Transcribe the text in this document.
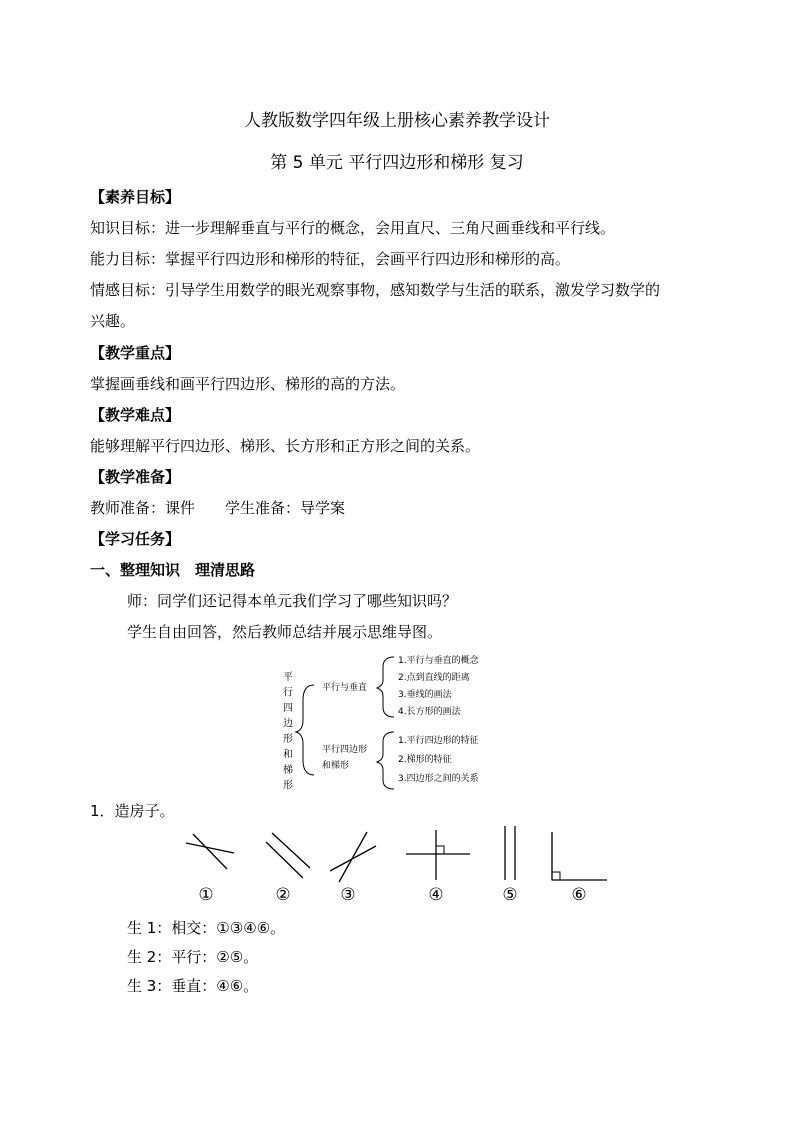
人教版数学四年级上册核心素养教学设计
第 5 单元 平行四边形和梯形 复习
【素养目标】
知识目标：进一步理解垂直与平行的概念，会用直尺、三角尺画垂线和平行线。
能力目标：掌握平行四边形和梯形的特征，会画平行四边形和梯形的高。
情感目标：引导学生用数学的眼光观察事物，感知数学与生活的联系，激发学习数学的
兴趣。
【教学重点】
掌握画垂线和画平行四边形、梯形的高的方法。
【教学难点】
能够理解平行四边形、梯形、长方形和正方形之间的关系。
【教学准备】
教师准备：课件　　学生准备：导学案
【学习任务】
一、整理知识　理清思路
师：同学们还记得本单元我们学习了哪些知识吗？
学生自由回答，然后教师总结并展示思维导图。
平
行
四
边
形
和
梯
形
平行与垂直
1.平行与垂直的概念
2.点到直线的距离
3.垂线的画法
4.长方形的画法
平行四边形
和梯形
1.平行四边形的特征
2.梯形的特征
3.四边形之间的关系
1．造房子。
①	②	③	④	⑤	⑥
生 1：相交：①③④⑥。
生 2：平行：②⑤。
生 3：垂直：④⑥。
